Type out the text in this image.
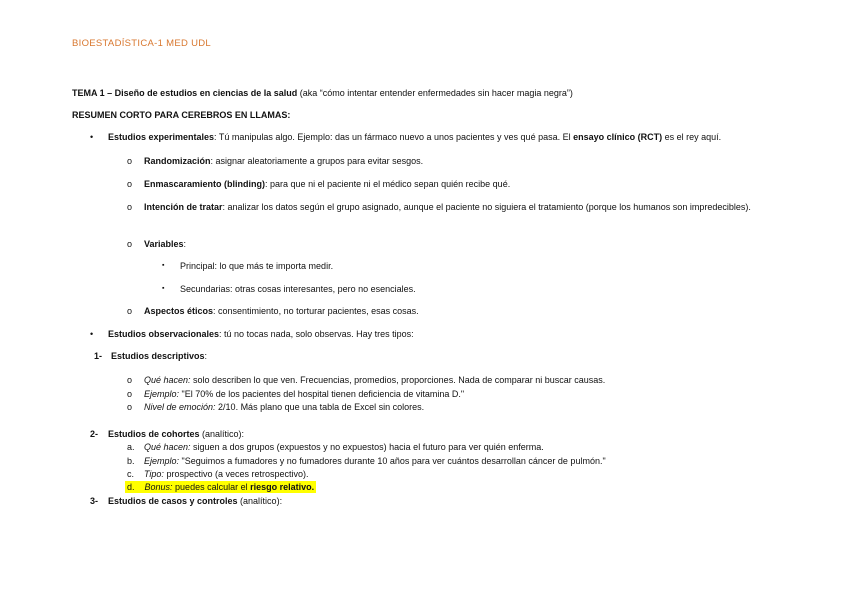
BIOESTADÍSTICA-1 MED UDL
TEMA 1 – Diseño de estudios en ciencias de la salud (aka “cómo intentar entender enfermedades sin hacer magia negra”)
RESUMEN CORTO PARA CEREBROS EN LLAMAS:
• Estudios experimentales: Tú manipulas algo. Ejemplo: das un fármaco nuevo a unos pacientes y ves qué pasa. El ensayo clínico (RCT) es el rey aquí.
o Randomización: asignar aleatoriamente a grupos para evitar sesgos.
o Enmascaramiento (blinding): para que ni el paciente ni el médico sepan quién recibe qué.
o Intención de tratar: analizar los datos según el grupo asignado, aunque el paciente no siguiera el tratamiento (porque los humanos son impredecibles).
o Variables:
▪ Principal: lo que más te importa medir.
▪ Secundarias: otras cosas interesantes, pero no esenciales.
o Aspectos éticos: consentimiento, no torturar pacientes, esas cosas.
• Estudios observacionales: tú no tocas nada, solo observas. Hay tres tipos:
1- Estudios descriptivos:
o Qué hacen: solo describen lo que ven. Frecuencias, promedios, proporciones. Nada de comparar ni buscar causas.
o Ejemplo: "El 70% de los pacientes del hospital tienen deficiencia de vitamina D."
o Nivel de emoción: 2/10. Más plano que una tabla de Excel sin colores.
2- Estudios de cohortes (analítico):
a. Qué hacen: siguen a dos grupos (expuestos y no expuestos) hacia el futuro para ver quién enferma.
b. Ejemplo: "Seguimos a fumadores y no fumadores durante 10 años para ver cuántos desarrollan cáncer de pulmón."
c. Tipo: prospectivo (a veces retrospectivo).
d. Bonus: puedes calcular el riesgo relativo.
3- Estudios de casos y controles (analítico):
